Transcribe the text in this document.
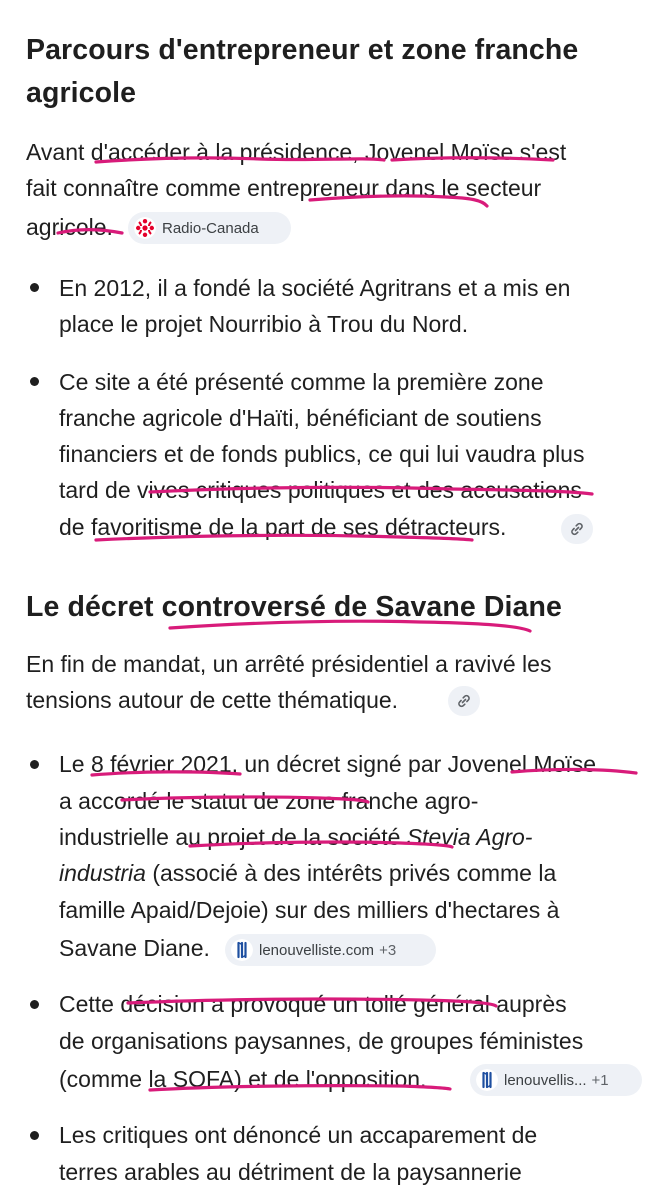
Parcours d'entrepreneur et zone franche
agricole
Avant d'accéder à la présidence, Jovenel Moïse s'est
fait connaître comme entrepreneur dans le secteur
agricole.	Radio-Canada
En 2012, il a fondé la société Agritrans et a mis en
place le projet Nourribio à Trou du Nord.
Ce site a été présenté comme la première zone
franche agricole d'Haïti, bénéficiant de soutiens
financiers et de fonds publics, ce qui lui vaudra plus
tard de vives critiques politiques et des accusations
de favoritisme de la part de ses détracteurs.
Le décret controversé de Savane Diane
En fin de mandat, un arrêté présidentiel a ravivé les
tensions autour de cette thématique.
Le 8 février 2021, un décret signé par Jovenel Moïse
a accordé le statut de zone franche agro-
industrielle au projet de la société Stevia Agro-
industria (associé à des intérêts privés comme la
famille Apaid/Dejoie) sur des milliers d'hectares à
Savane Diane.	lenouvelliste.com +3
Cette décision a provoqué un tollé général auprès
de organisations paysannes, de groupes féministes
(comme la SOFA) et de l'opposition.	lenouvellis... +1
Les critiques ont dénoncé un accaparement de
terres arables au détriment de la paysannerie
